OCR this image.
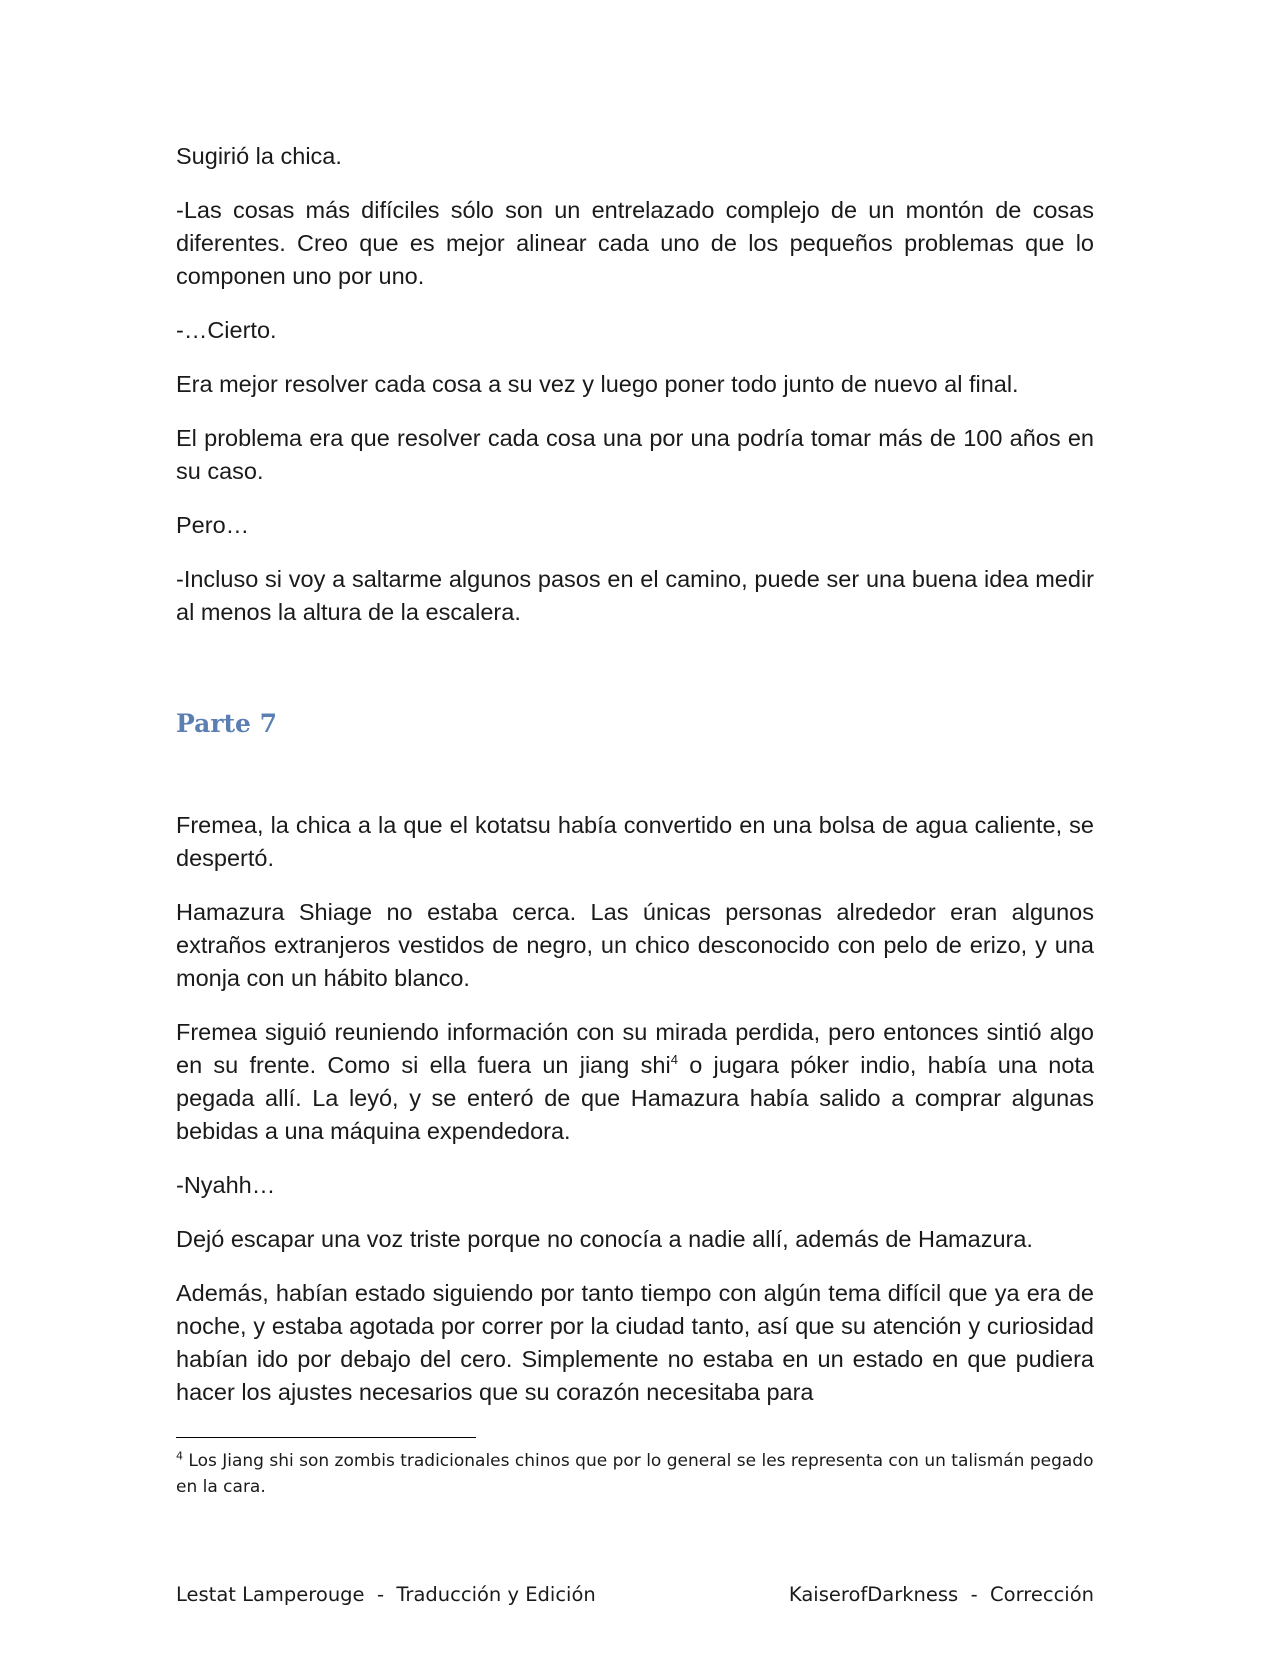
Sugirió la chica.

-Las cosas más difíciles sólo son un entrelazado complejo de un montón de cosas diferentes. Creo que es mejor alinear cada uno de los pequeños problemas que lo componen uno por uno.

-…Cierto.

Era mejor resolver cada cosa a su vez y luego poner todo junto de nuevo al final.

El problema era que resolver cada cosa una por una podría tomar más de 100 años en su caso.

Pero…

-Incluso si voy a saltarme algunos pasos en el camino, puede ser una buena idea medir al menos la altura de la escalera.

Parte 7

Fremea, la chica a la que el kotatsu había convertido en una bolsa de agua caliente, se despertó.

Hamazura Shiage no estaba cerca. Las únicas personas alrededor eran algunos extraños extranjeros vestidos de negro, un chico desconocido con pelo de erizo, y una monja con un hábito blanco.

Fremea siguió reuniendo información con su mirada perdida, pero entonces sintió algo en su frente. Como si ella fuera un jiang shi$^4$ o jugara póker indio, había una nota pegada allí. La leyó, y se enteró de que Hamazura había salido a comprar algunas bebidas a una máquina expendedora.

-Nyahh…

Dejó escapar una voz triste porque no conocía a nadie allí, además de Hamazura.

Además, habían estado siguiendo por tanto tiempo con algún tema difícil que ya era de noche, y estaba agotada por correr por la ciudad tanto, así que su atención y curiosidad habían ido por debajo del cero. Simplemente no estaba en un estado en que pudiera hacer los ajustes necesarios que su corazón necesitaba para

$^4$ Los Jiang shi son zombis tradicionales chinos que por lo general se les representa con un talismán pegado en la cara.
Lestat Lamperouge  -  Traducción y Edición	KaiserofDarkness  -  Corrección
